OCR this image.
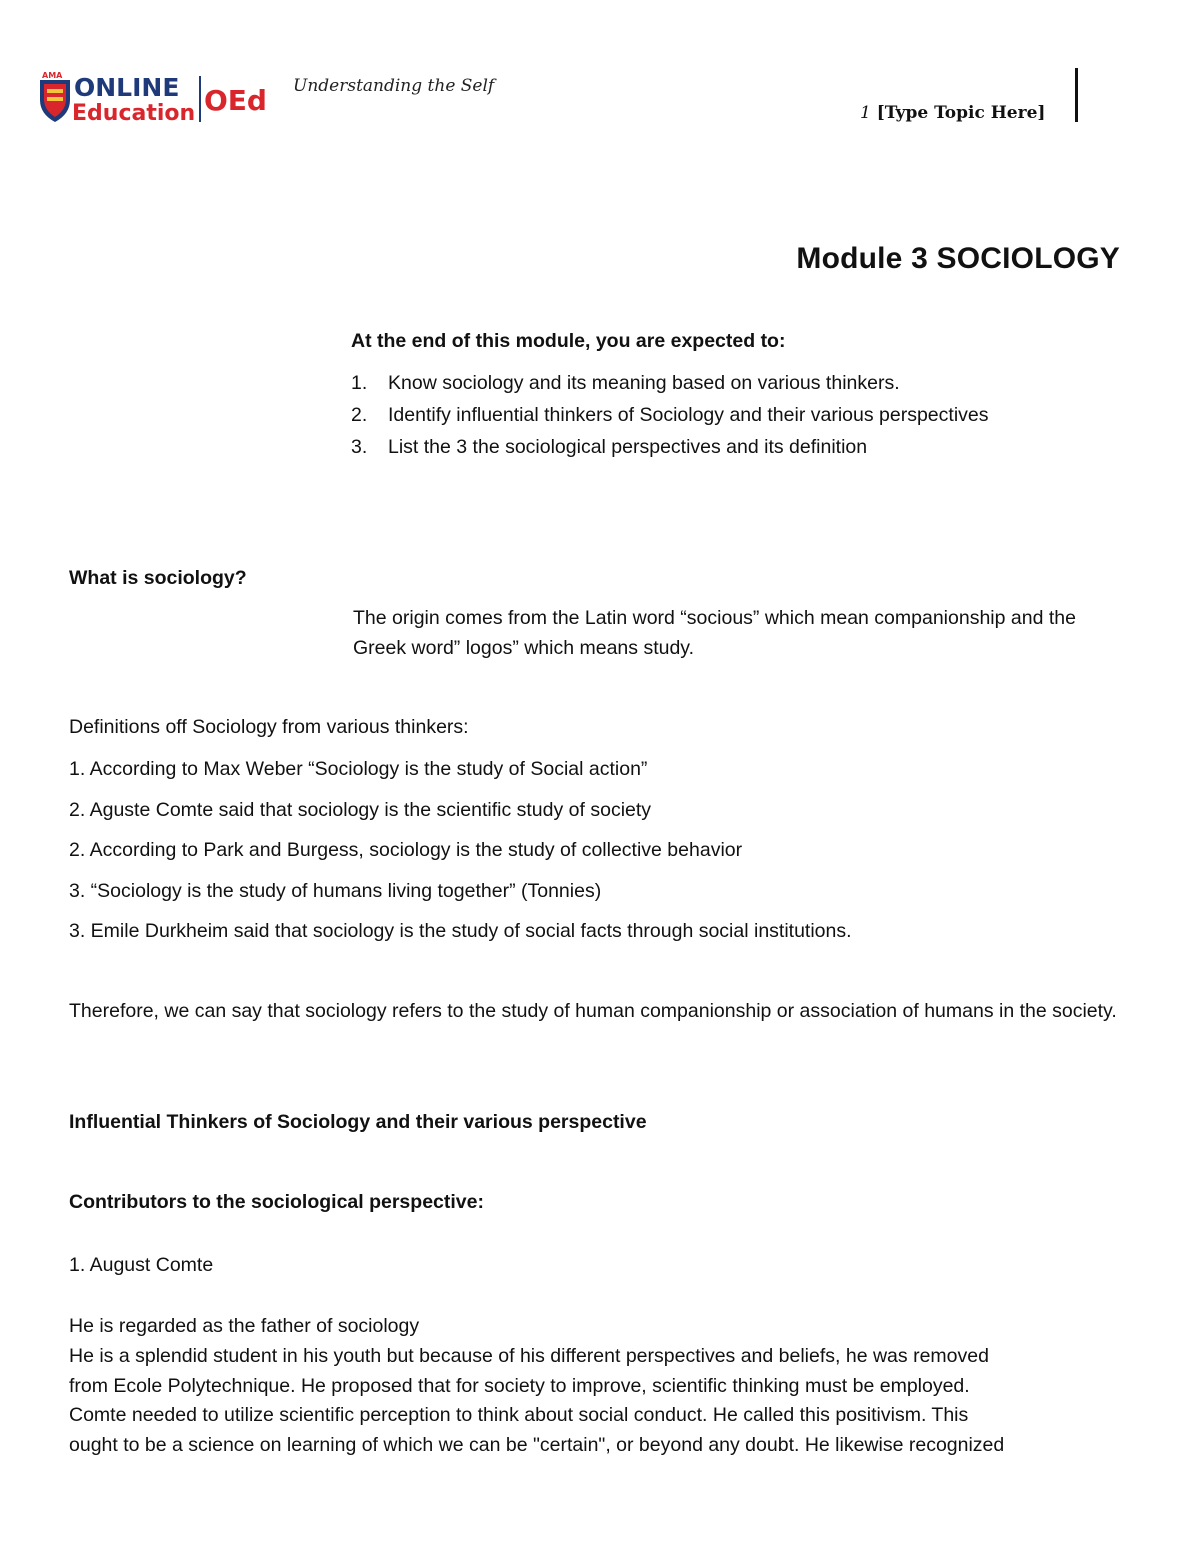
AMA ONLINE
Education OEd Understanding the Self
1 [Type Topic Here]
Module 3 SOCIOLOGY
At the end of this module, you are expected to:
1. Know sociology and its meaning based on various thinkers.
2. Identify influential thinkers of Sociology and their various perspectives
3. List the 3 the sociological perspectives and its definition
What is sociology?
The origin comes from the Latin word “socious” which mean companionship and the Greek word” logos” which means study.
Definitions off Sociology from various thinkers:
1. According to Max Weber “Sociology is the study of Social action”
2. Aguste Comte said that sociology is the scientific study of society
2. According to Park and Burgess, sociology is the study of collective behavior
3. “Sociology is the study of humans living together” (Tonnies)
3. Emile Durkheim said that sociology is the study of social facts through social institutions.
Therefore, we can say that sociology refers to the study of human companionship or association of humans in the society.
Influential Thinkers of Sociology and their various perspective
Contributors to the sociological perspective:
1. August Comte
He is regarded as the father of sociology
He is a splendid student in his youth but because of his different perspectives and beliefs, he was removed
from Ecole Polytechnique. He proposed that for society to improve, scientific thinking must be employed.
Comte needed to utilize scientific perception to think about social conduct. He called this positivism. This
ought to be a science on learning of which we can be "certain", or beyond any doubt. He likewise recognized
